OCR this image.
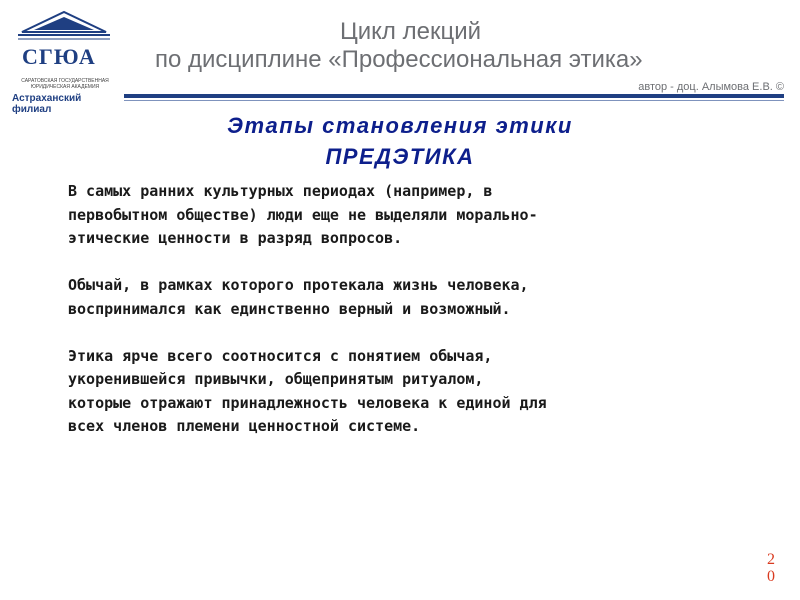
СГЮА
САРАТОВСКАЯ ГОСУДАРСТВЕННАЯ ЮРИДИЧЕСКАЯ АКАДЕМИЯ
Астраханский филиал
Цикл лекций
по дисциплине «Профессиональная этика»
автор - доц. Алымова Е.В. ©
Этапы становления этики
ПРЕДЭТИКА

В самых ранних культурных периодах (например, в
первобытном обществе) люди еще не выделяли морально-
этические ценности в разряд вопросов.

Обычай, в рамках которого протекала жизнь человека,
воспринимался как единственно верный и возможный.

Этика ярче всего соотносится с понятием обычая,
укоренившейся привычки, общепринятым ритуалом,
которые отражают принадлежность человека к единой для
всех членов племени ценностной системе.

20
